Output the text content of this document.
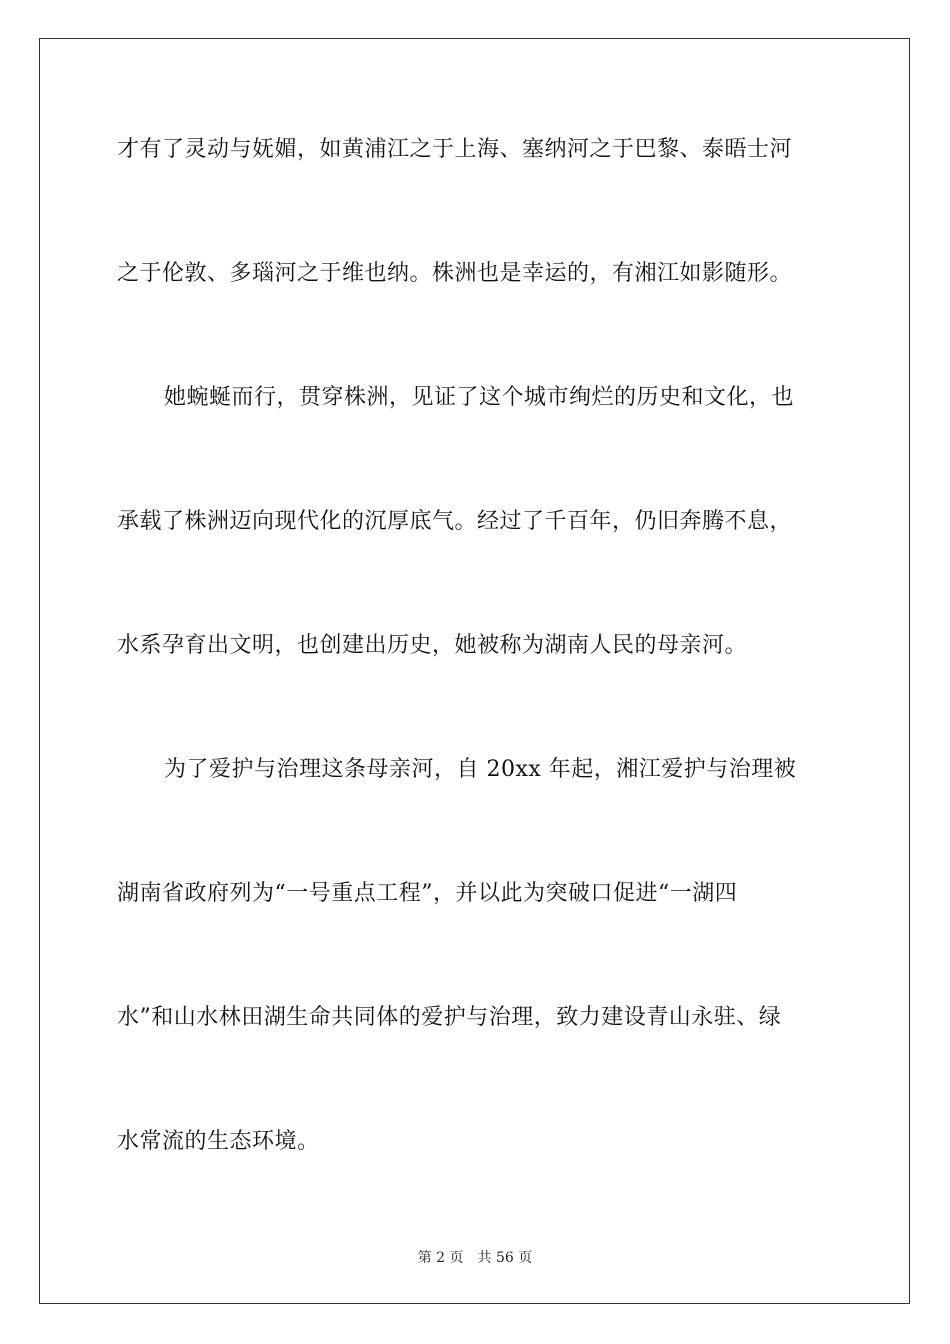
才有了灵动与妩媚，如黄浦江之于上海、塞纳河之于巴黎、泰晤士河
之于伦敦、多瑙河之于维也纳。株洲也是幸运的，有湘江如影随形。
她蜿蜒而行，贯穿株洲，见证了这个城市绚烂的历史和文化，也
承载了株洲迈向现代化的沉厚底气。经过了千百年，仍旧奔腾不息，
水系孕育出文明，也创建出历史，她被称为湖南人民的母亲河。
为了爱护与治理这条母亲河，自 20xx 年起，湘江爱护与治理被
湖南省政府列为“一号重点工程”，并以此为突破口促进“一湖四
水”和山水林田湖生命共同体的爱护与治理，致力建设青山永驻、绿
水常流的生态环境。
第 2 页 共 56 页
